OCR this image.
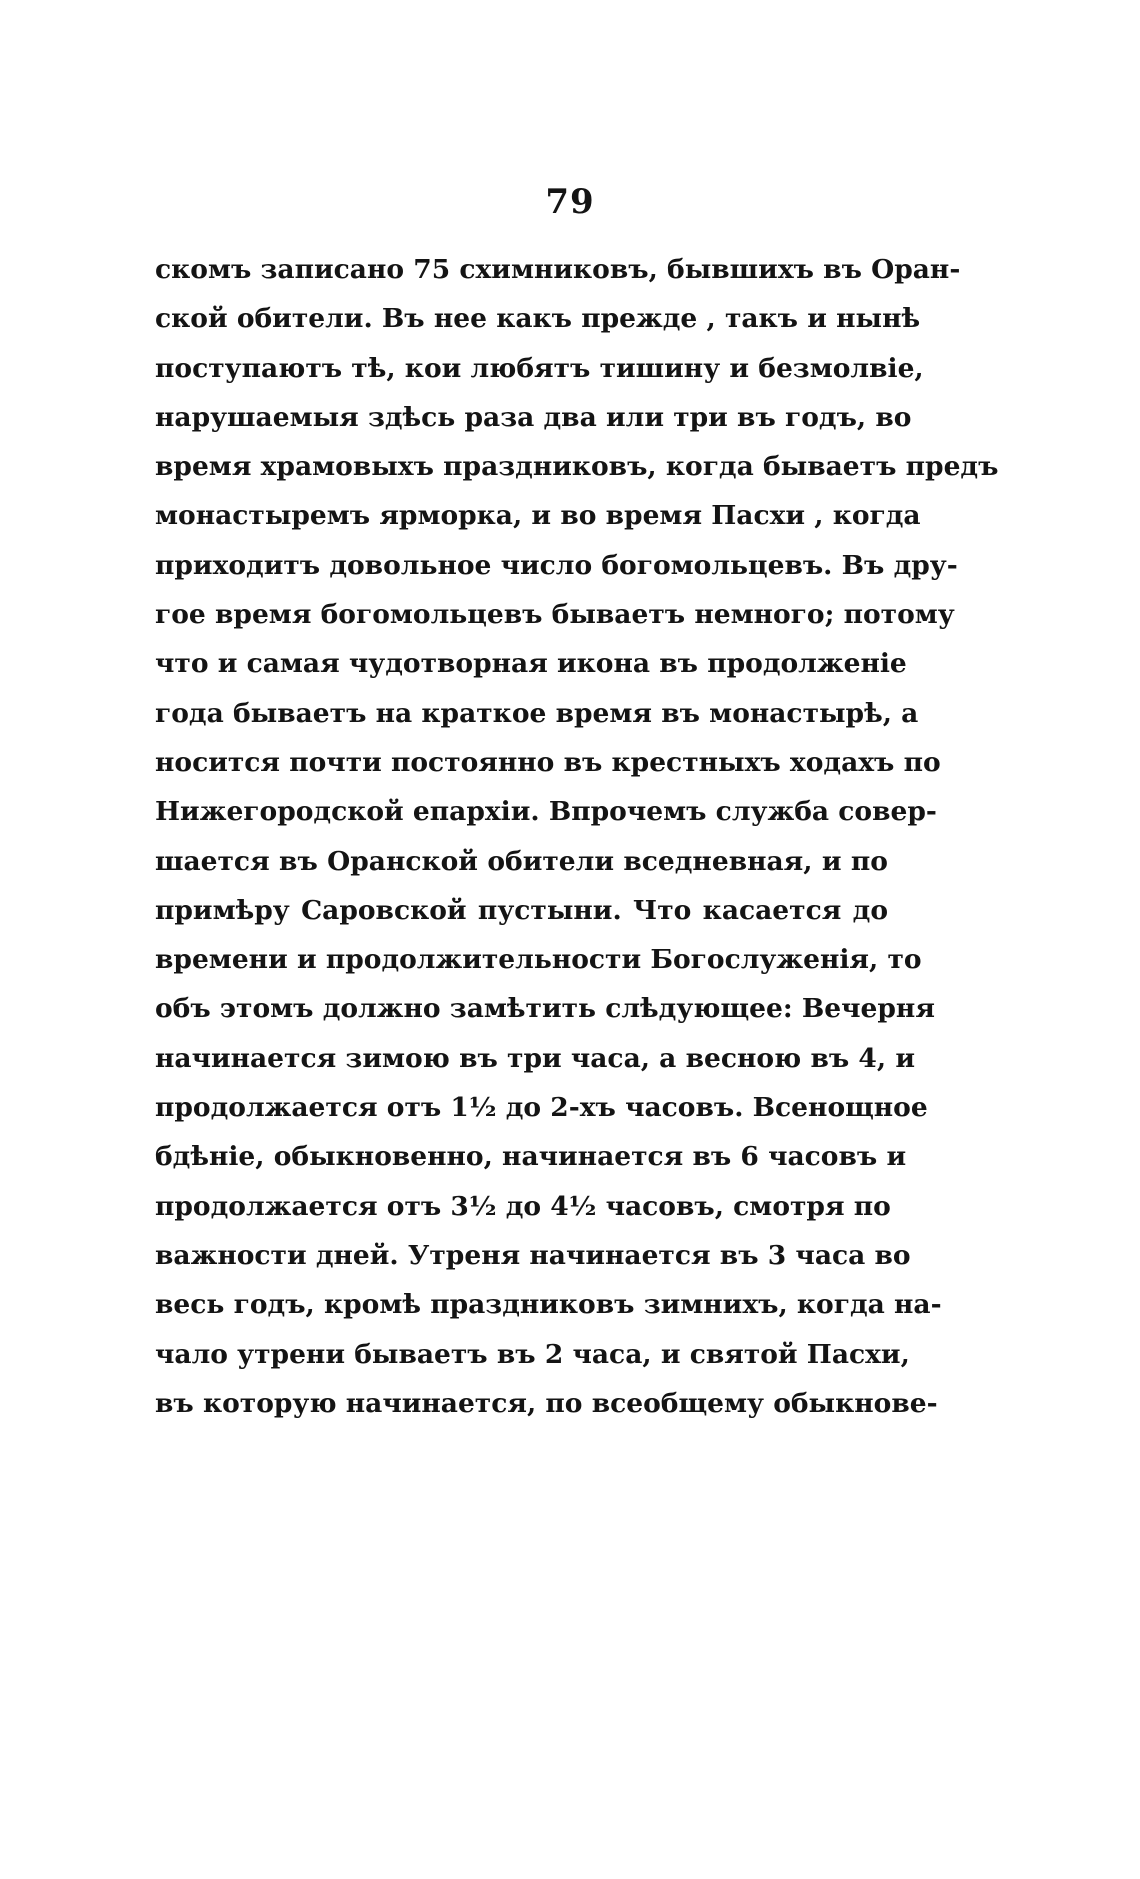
79
скомъ записано 75 схимниковъ, бывшихъ въ Оран-
ской обители. Въ нее какъ прежде , такъ и нынѣ
поступаютъ тѣ, кои любятъ тишину и безмолвіе,
нарушаемыя здѣсь раза два или три въ годъ, во
время храмовыхъ праздниковъ, когда бываетъ предъ
монастыремъ ярморка, и во время Пасхи , когда
приходитъ довольное число богомольцевъ. Въ дру-
гое время богомольцевъ бываетъ немного; потому
что и самая чудотворная икона въ продолженіе
года бываетъ на краткое время въ монастырѣ, а
носится почти постоянно въ крестныхъ ходахъ по
Нижегородской епархіи. Впрочемъ служба совер-
шается въ Оранской обители вседневная, и по
примѣру Саровской пустыни. Что касается до
времени и продолжительности Богослуженія, то
объ этомъ должно замѣтить слѣдующее: Вечерня
начинается зимою въ три часа, а весною въ 4, и
продолжается отъ 1½ до 2-хъ часовъ. Всенощное
бдѣніе, обыкновенно, начинается въ 6 часовъ и
продолжается отъ 3½ до 4½ часовъ, смотря по
важности дней. Утреня начинается въ 3 часа во
весь годъ, кромѣ праздниковъ зимнихъ, когда на-
чало утрени бываетъ въ 2 часа, и святой Пасхи,
въ которую начинается, по всеобщему обыкнове-
